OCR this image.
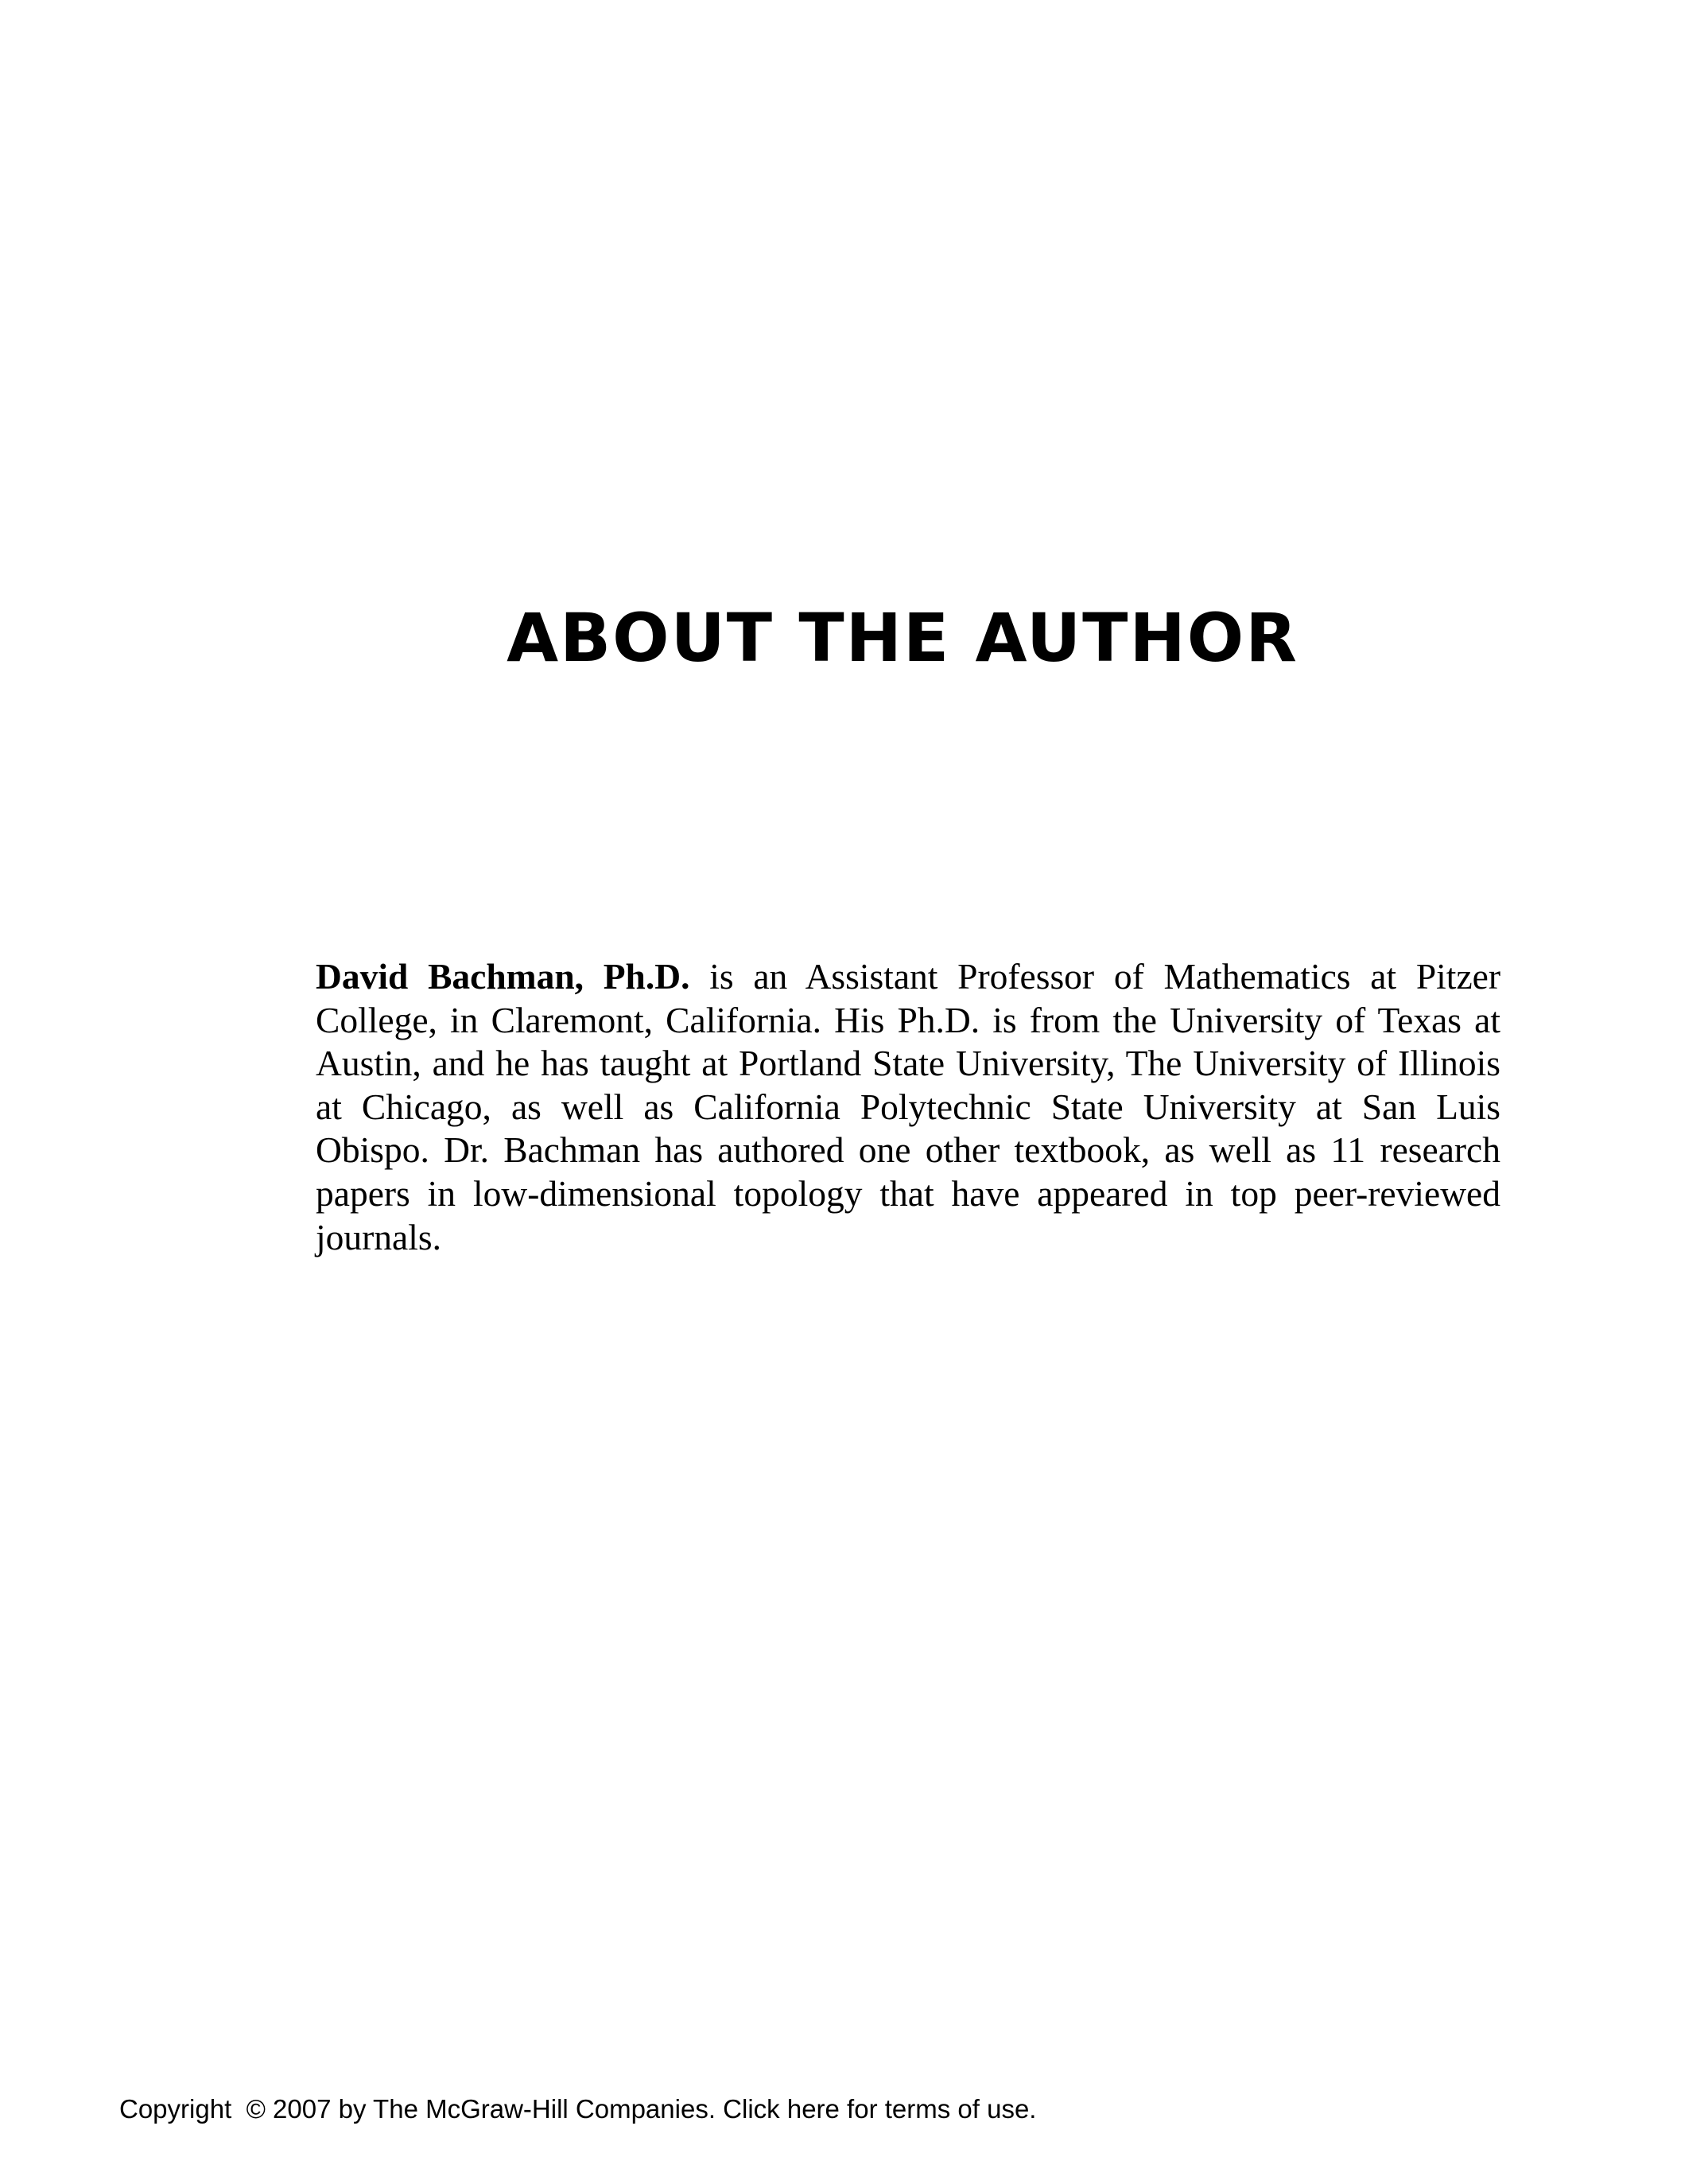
ABOUT THE AUTHOR

David Bachman, Ph.D. is an Assistant Professor of Mathematics at Pitzer College, in Claremont, California. His Ph.D. is from the University of Texas at Austin, and he has taught at Portland State University, The University of Illinois at Chicago, as well as California Polytechnic State University at San Luis Obispo. Dr. Bachman has authored one other textbook, as well as 11 research papers in low-dimensional topology that have appeared in top peer-reviewed journals.

Copyright  © 2007 by The McGraw-Hill Companies. Click here for terms of use.
